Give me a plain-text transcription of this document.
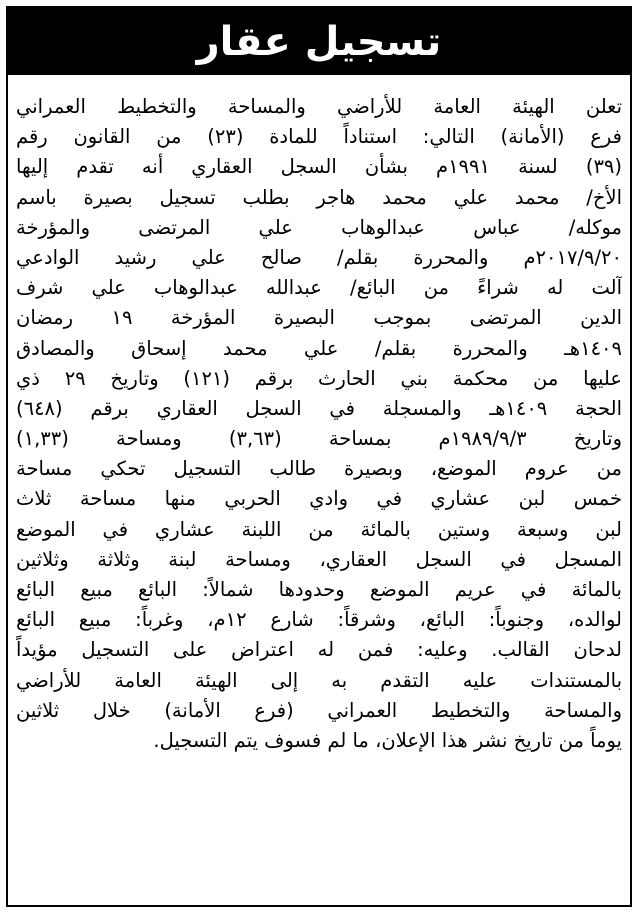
تسجيل عقار
تعلن الهيئة العامة للأراضي والمساحة والتخطيط العمراني
فرع (الأمانة) التالي: استناداً للمادة (٢٣) من القانون رقم
(٣٩) لسنة ١٩٩١م بشأن السجل العقاري أنه تقدم إليها
الأخ/ محمد علي محمد هاجر بطلب تسجيل بصيرة باسم
موكله/ عباس عبدالوهاب علي المرتضى والمؤرخة
٢٠١٧/٩/٢٠م والمحررة بقلم/ صالح علي رشيد الوادعي
آلت له شراءً من البائع/ عبدالله عبدالوهاب علي شرف
الدين المرتضى بموجب البصيرة المؤرخة ١٩ رمضان
١٤٠٩هـ والمحررة بقلم/ علي محمد إسحاق والمصادق
عليها من محكمة بني الحارث برقم (١٢١) وتاريخ ٢٩ ذي
الحجة ١٤٠٩هـ والمسجلة في السجل العقاري برقم (٦٤٨)
وتاريخ ١٩٨٩/٩/٣م بمساحة (٣,٦٣) ومساحة (١,٣٣)
من عروم الموضع، وبصيرة طالب التسجيل تحكي مساحة
خمس لبن عشاري في وادي الحربي منها مساحة ثلاث
لبن وسبعة وستين بالمائة من اللبنة عشاري في الموضع
المسجل في السجل العقاري، ومساحة لبنة وثلاثة وثلاثين
بالمائة في عريم الموضع وحدودها شمالاً: البائع مبيع البائع
لوالده، وجنوباً: البائع، وشرقاً: شارع ١٢م، وغرباً: مبيع البائع
لدحان القالب. وعليه: فمن له اعتراض على التسجيل مؤيداً
بالمستندات عليه التقدم به إلى الهيئة العامة للأراضي
والمساحة والتخطيط العمراني (فرع الأمانة) خلال ثلاثين
يوماً من تاريخ نشر هذا الإعلان، ما لم فسوف يتم التسجيل.
